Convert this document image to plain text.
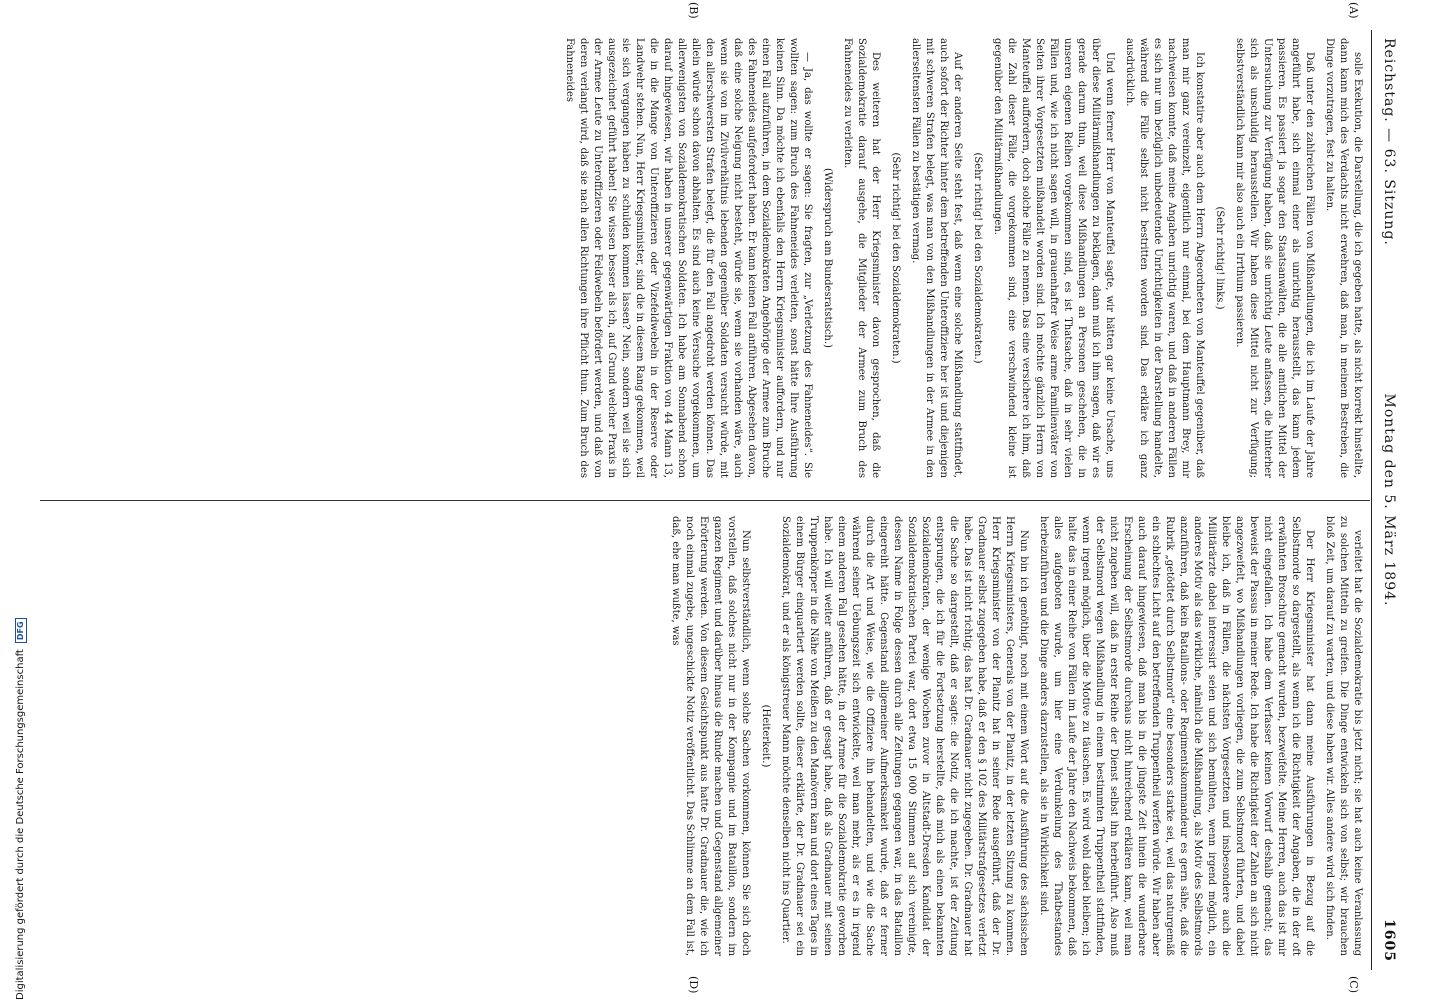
Reichstag. — 63. Sitzung.
Montag den 5. März 1894.
1605

solle Exekution, die Darstellung, die ich gegeben hatte, als nicht korrekt hinstellte, dann kann mich des Verdachts nicht erwehren, daß man, in meinem Bestreben, die Dinge vorzutragen, fest zu halten.

Daß unter den zahlreichen Fällen von Mißhandlungen, die ich im Laufe der Jahre angeführt habe, sich einmal einer als unrichtig herausstellt, das kann jedem passieren. Es passiert ja sogar den Staatsanwälten, die alle amtlichen Mittel der Untersuchung zur Verfügung haben, daß sie unrichtig Leute anfassen, die hinterher sich als unschuldig herausstellen. Wir haben diese Mittel nicht zur Verfügung; selbstverständlich kann mir also auch ein Irrthum passieren.

(Sehr richtig! links.)

Ich konstatire aber auch dem Herrn Abgeordneten von Manteuffel gegenüber, daß man mir ganz vereinzelt, eigentlich nur einmal, bei dem Hauptmann Brey, mir nachweisen konnte, daß meine Angaben unrichtig waren, und daß in anderen Fällen es sich nur um bezüglich unbedeutende Unrichtigkeiten in der Darstellung handelte, während die Fälle selbst nicht bestritten worden sind. Das erkläre ich ganz ausdrücklich.

Und wenn ferner Herr von Manteuffel sagte, wir hätten gar keine Ursache, uns über diese Militärmißhandlungen zu beklagen, dann muß ich ihm sagen, daß wir es gerade darum thun, weil diese Mißhandlungen an Personen geschehen, die in unseren eigenen Reihen vorgekommen sind, es ist Thatsache, daß in sehr vielen Fällen und, wie ich nicht sagen will, in grauenhafter Weise arme Familienväter von Seiten ihrer Vorgesetzten mißhandelt worden sind. Ich möchte gänzlich Herrn von Manteuffel auffordern, doch solche Fälle zu nennen. Das eine versichere ich ihm, daß die Zahl dieser Fälle, die vorgekommen sind, eine verschwindend kleine ist gegenüber den Militärmißhandlungen.

(Sehr richtig! bei den Sozialdemokraten.)

Auf der anderen Seite steht fest, daß wenn eine solche Mißhandlung stattfindet, auch sofort der Richter hinter dem betreffenden Unteroffiziere her ist und diejenigen mit schweren Strafen belegt, was man von den Mißhandlungen in der Armee in den allerseltensten Fällen zu bestätigen vermag.

(Sehr richtig! bei den Sozialdemokraten.)

Des weiteren hat der Herr Kriegsminister davon gesprochen, daß die Sozialdemokratie darauf ausgehe, die Mitglieder der Armee zum Bruch des Fahneneides zu verleiten.

(Widerspruch am Bundesratstisch.)

— Ja, das wollte er sagen: Sie fragten, zur „Verletzung des Fahneneides“. Sie wollten sagen: zum Bruch des Fahneneides verleiten, sonst hätte Ihre Ausführung keinen Sinn. Da möchte ich ebenfalls den Herrn Kriegsminister auffordern, und nur einen Fall aufzuführen, in dem Sozialdemokraten Angehörige der Armee zum Bruche des Fahneneides aufgefordert haben. Er kann keinen Fall anführen. Abgesehen davon, daß eine solche Neigung nicht besteht, würde sie, wenn sie vorhanden wäre, auch wenn sie von im Zivilverhältnis lebenden gegenüber Soldaten versucht würde, mit den allerschwersten Strafen belegt, die für den Fall angedroht werden können. Das allein würde schon davon abhalten. Es sind auch keine Versuche vorgekommen, um allerwenigsten von Sozialdemokratischen Soldaten. Ich habe am Sonnabend schon darauf hingewiesen, wir haben in unserer gegenwärtigen Fraktion von 44 Mann 13, die in die Mange von Unteroffizieren oder Vizefeldwebeln in der Reserve oder Landwehr stehen. Nun, Herr Kriegsminister, sind die in diesem Rang gekommen, weil sie sich vergangen haben zu schulden kommen lassen? Nein, sondern weil sie sich ausgezeichnet geführt haben! Sie wissen besser als ich, auf Grund welcher Praxis in der Armee Leute zu Unteroffizieren oder Feldwebeln befördert werden, und daß von deren verlangt wird, daß sie nach allen Richtungen ihre Pflicht thun. Zum Bruch des Fahneneides

verleitet hat die Sozialdemokratie bis jetzt nicht; sie hat auch keine Veranlassung zu solchen Mitteln zu greifen. Die Dinge entwickeln sich von selbst; wir brauchen bloß Zeit, um darauf zu warten, und diese haben wir. Alles andere wird sich finden.

Der Herr Kriegsminister hat dann meine Ausführungen in Bezug auf die Selbstmorde so dargestellt, als wenn ich die Richtigkeit der Angaben, die in der oft erwähnten Broschüre gemacht wurden, bezweifelte. Meine Herren, auch das ist mir nicht eingefallen. Ich habe dem Verfasser keinen Vorwurf deshalb gemacht; das beweist der Passus in meiner Rede. Ich habe die Richtigkeit der Zahlen an sich nicht angezweifelt, wo Mißhandlungen vorliegen, die zum Selbstmord führten, und dabei bleibe ich, daß in Fällen, die nächsten Vorgesetzten und insbesondere auch die Militärärzte dabei interessirt seien und sich bemühten, wenn irgend möglich, ein anderes Motiv als das wirkliche, nämlich die Mißhandlung, als Motiv des Selbstmords anzuführen, daß kein Bataillons- oder Regimentskommandeur es gern sähe, daß die Rubrik „getödtet durch Selbstmord“ eine besonders starke sei, weil das naturgemäß ein schlechtes Licht auf den betreffenden Truppentheil werfen würde. Wir haben aber auch darauf hingewiesen, daß man bis in die jüngste Zeit hinein die wunderbare Erscheinung der Selbstmorde durchaus nicht hinreichend erklären kann, weil man nicht zugeben will, daß in erster Reihe der Dienst selbst ihn herbeiführt. Also muß der Selbstmord wegen Mißhandlung in einem bestimmten Truppentheil stattfinden, wenn irgend möglich, über die Motive zu täuschen. Es wird wohl dabei bleiben; ich halte das in einer Reihe von Fällen im Laufe der Jahre den Nachweis bekommen, daß alles aufgeboten wurde, um hier eine Verdunkelung des Thatbestandes herbeizuführen und die Dinge anders darzustellen, als sie in Wirklichkeit sind.

Nun bin ich genöthigt, noch mit einem Wort auf die Ausführung des sächsischen Herrn Kriegsministers, Generals von der Planitz, in der letzten Sitzung zu kommen. Herr Kriegsminister von der Planitz hat in seiner Rede ausgeführt, daß der Dr. Gradnauer selbst zugegeben habe, daß er den § 102 des Militärstrafgesetzes verletzt habe. Das ist nicht richtig; das hat Dr. Gradnauer nicht zugegeben. Dr. Gradnauer hat die Sache so dargestellt, daß er sagte: die Notiz, die ich machte, ist der Zeitung entsprungen, die ich für die Fortsetzung herstellte, daß mich als einen bekannten Sozialdemokraten, der wenige Wochen zuvor in Altstadt-Dresden Kandidat der Sozialdemokratischen Partei war, dort etwa 15 000 Stimmen auf sich vereinigte, dessen Name in Folge dessen durch alle Zeitungen gegangen war, in das Bataillon eingereiht hätte. Gegenstand allgemeiner Aufmerksamkeit wurde, daß er ferner durch die Art und Weise, wie die Offiziere ihn behandelten, und wie die Sache während seiner Uebungszeit sich entwickelte, weil man mehr, als er es in irgend einem anderen Fall gesehen hätte, in der Armee für die Sozialdemokratie geworben habe. Ich will weiter anführen, daß er gesagt habe, daß als Gradnauer mit seinen Truppenkörper in die Nähe von Meißen zu den Manövern kam und dort eines Tages in einem Bürger einquartiert werden sollte, dieser erklärte, der Dr. Gradnauer sei ein Sozialdemokrat, und er als königstreuer Mann möchte denselben nicht ins Quartier.

(Heiterkeit.)

Nun selbstverständlich, wenn solche Sachen vorkommen, können Sie sich doch vorstellen, daß solches nicht nur in der Kompagnie und im Bataillon, sondern im ganzen Regiment und darüber hinaus die Runde machen und Gegenstand allgemeiner Erörterung werden. Von diesem Gesichtspunkt aus hatte Dr. Gradnauer die, wie ich noch einmal zugebe, ungeschickte Notiz veröffentlicht. Das Schlimme an dem Fall ist, daß, ehe man wußte, was

(A)
(B)
(C)
(D)
Digitalisierung gefördert durch die Deutsche ForschungsgemeinschaftDFG
